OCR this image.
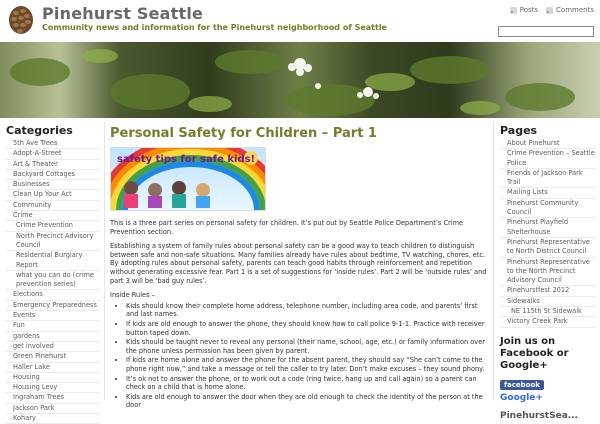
Pinehurst Seattle
Community news and information for the Pinehurst neighborhood of Seattle
Posts	Comments
Categories
5th Ave Trees
Adopt-A-Street
Art & Theater
Backyard Cottages
Businesses
Clean Up Your Act
Community
Crime
Crime Prevention
North Precinct Advisory Council
Residential Burglary Report
what you can do (crime prevention series)
Elections
Emergency Preparedness
Events
Fun
gardens
get involved
Green Pinehurst
Haller Lake
Housing
Housing Levy
Ingraham Trees
Jackson Park
Kohary
Personal Safety for Children – Part 1
safety tips for safe kids!

This is a three part series on personal safety for children. It’s put out by Seattle Police Department’s Crime Prevention section.

Establishing a system of family rules about personal safety can be a good way to teach children to distinguish between safe and non-safe situations. Many families already have rules about bedtime, TV watching, chores, etc. By adopting rules about personal safety, parents can teach good habits through reinforcement and repetition without generating excessive fear. Part 1 is a set of suggestions for ‘inside rules’. Part 2 will be ‘outside rules’ and part 3 will be ‘bad guy rules’.

Inside Rules –

• Kids should know their complete home address, telephone number, including area code, and parents’ first and last names.
• If kids are old enough to answer the phone, they should know how to call police 9-1-1. Practice with receiver button taped down.
• Kids should be taught never to reveal any personal (their name, school, age, etc.) or family information over the phone unless permission has been given by parent.
• If kids are home alone and answer the phone for the absent parent, they should say “She can’t come to the phone right now,” and take a message or tell the caller to try later. Don’t make excuses – they sound phony.
• It’s ok not to answer the phone, or to work out a code (ring twice, hang up and call again) so a parent can check on a child that is home alone.
• Kids are old enough to answer the door when they are old enough to check the identity of the person at the door
Pages
About Pinehurst
Crime Prevention – Seattle Police
Friends of Jackson Park Trail
Mailing Lists
Pinehurst Community Council
Pinehurst Playfield Shelterhouse
Pinehurst Representative to North District Council
Pinehurst Representative to the North Precinct Advisory Council
Pinehurstfest 2012
Sidewalks
NE 115th St Sidewalk
Victory Creek Park
Join us on Facebook or Google+
facebook
Google+
PinehurstSea...
